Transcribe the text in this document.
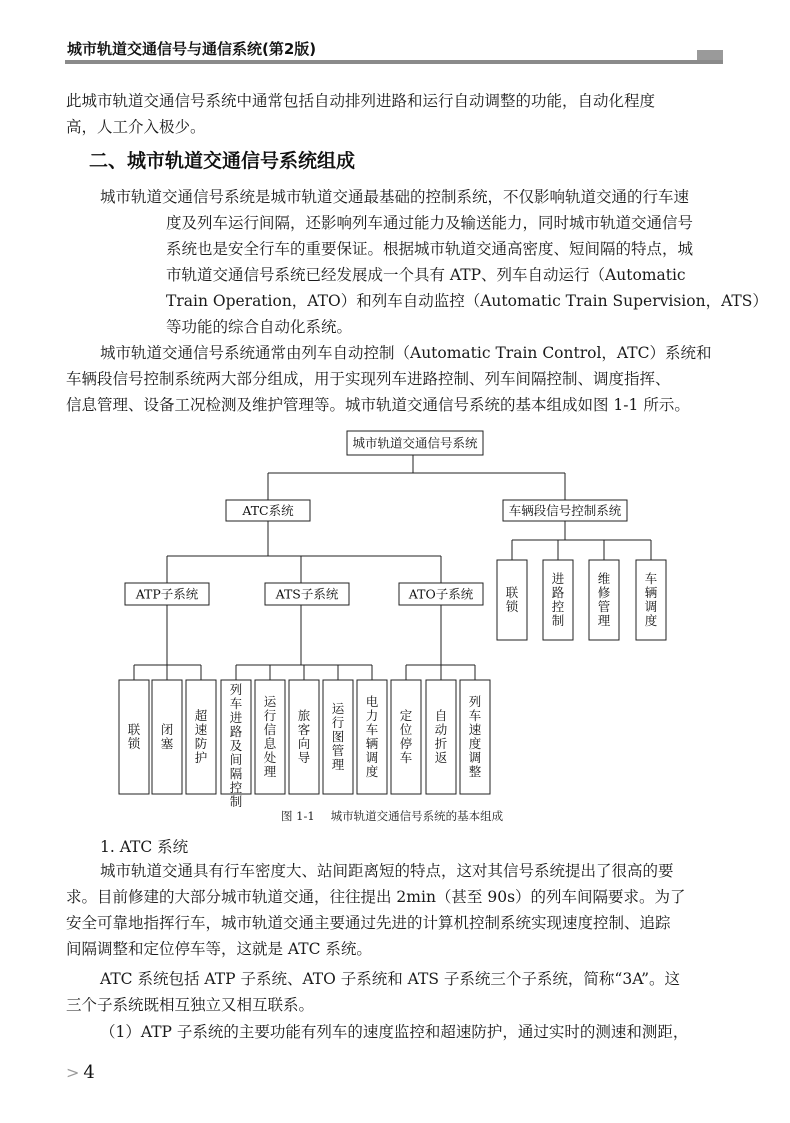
城市轨道交通信号与通信系统(第2版)
此城市轨道交通信号系统中通常包括自动排列进路和运行自动调整的功能，自动化程度
高，人工介入极少。
二、城市轨道交通信号系统组成
城市轨道交通信号系统是城市轨道交通最基础的控制系统，不仅影响轨道交通的行车速
度及列车运行间隔，还影响列车通过能力及输送能力，同时城市轨道交通信号
系统也是安全行车的重要保证。根据城市轨道交通高密度、短间隔的特点，城
市轨道交通信号系统已经发展成一个具有 ATP、列车自动运行（Automatic
Train Operation，ATO）和列车自动监控（Automatic Train Supervision，ATS）
等功能的综合自动化系统。
城市轨道交通信号系统通常由列车自动控制（Automatic Train Control，ATC）系统和
车辆段信号控制系统两大部分组成，用于实现列车进路控制、列车间隔控制、调度指挥、
信息管理、设备工况检测及维护管理等。城市轨道交通信号系统的基本组成如图 1-1 所示。
城市轨道交通信号系统
ATC系统	车辆段信号控制系统
ATP子系统	ATS子系统	ATO子系统	联锁
进路控制
维修管理
车辆调度
联锁
闭塞
超速防护
列车进路及间隔控制
运行信息处理
旅客向导
运行图管理
电力车辆调度
定位停车
自动折返
列车速度调整
图 1-1 城市轨道交通信号系统的基本组成
1. ATC 系统
城市轨道交通具有行车密度大、站间距离短的特点，这对其信号系统提出了很高的要
求。目前修建的大部分城市轨道交通，往往提出 2min（甚至 90s）的列车间隔要求。为了
安全可靠地指挥行车，城市轨道交通主要通过先进的计算机控制系统实现速度控制、追踪
间隔调整和定位停车等，这就是 ATC 系统。
ATC 系统包括 ATP 子系统、ATO 子系统和 ATS 子系统三个子系统，简称“3A”。这
三个子系统既相互独立又相互联系。
（1）ATP 子系统的主要功能有列车的速度监控和超速防护，通过实时的测速和测距，
> 4
